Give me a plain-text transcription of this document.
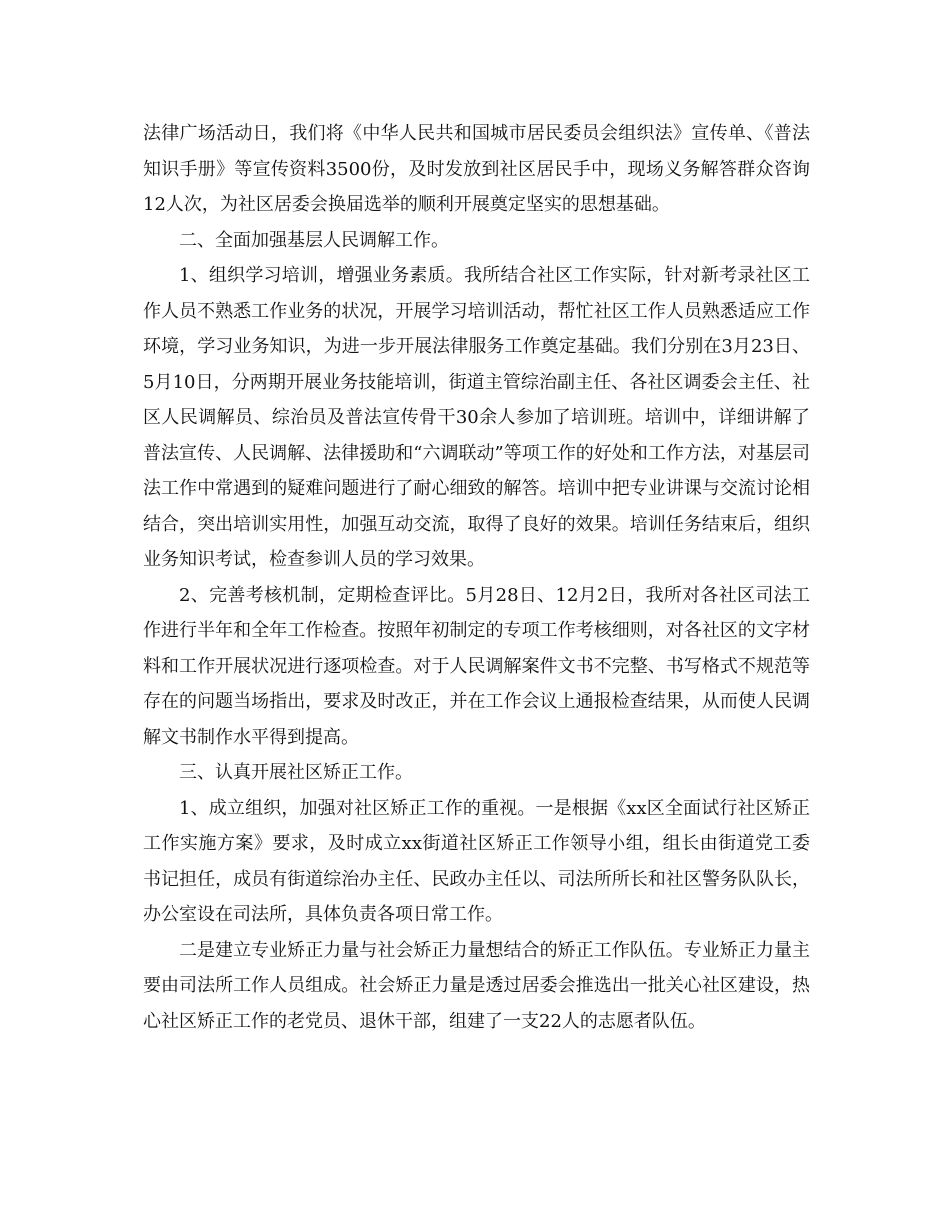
法律广场活动日，我们将《中华人民共和国城市居民委员会组织法》宣传单、《普法知识手册》等宣传资料3500份，及时发放到社区居民手中，现场义务解答群众咨询12人次，为社区居委会换届选举的顺利开展奠定坚实的思想基础。

二、全面加强基层人民调解工作。

1、组织学习培训，增强业务素质。我所结合社区工作实际，针对新考录社区工作人员不熟悉工作业务的状况，开展学习培训活动，帮忙社区工作人员熟悉适应工作环境，学习业务知识，为进一步开展法律服务工作奠定基础。我们分别在3月23日、5月10日，分两期开展业务技能培训，街道主管综治副主任、各社区调委会主任、社区人民调解员、综治员及普法宣传骨干30余人参加了培训班。培训中，详细讲解了普法宣传、人民调解、法律援助和“六调联动”等项工作的好处和工作方法，对基层司法工作中常遇到的疑难问题进行了耐心细致的解答。培训中把专业讲课与交流讨论相结合，突出培训实用性，加强互动交流，取得了良好的效果。培训任务结束后，组织业务知识考试，检查参训人员的学习效果。

2、完善考核机制，定期检查评比。5月28日、12月2日，我所对各社区司法工作进行半年和全年工作检查。按照年初制定的专项工作考核细则，对各社区的文字材料和工作开展状况进行逐项检查。对于人民调解案件文书不完整、书写格式不规范等存在的问题当场指出，要求及时改正，并在工作会议上通报检查结果，从而使人民调解文书制作水平得到提高。

三、认真开展社区矫正工作。

1、成立组织，加强对社区矫正工作的重视。一是根据《xx区全面试行社区矫正工作实施方案》要求，及时成立xx街道社区矫正工作领导小组，组长由街道党工委书记担任，成员有街道综治办主任、民政办主任以、司法所所长和社区警务队队长，办公室设在司法所，具体负责各项日常工作。

二是建立专业矫正力量与社会矫正力量想结合的矫正工作队伍。专业矫正力量主要由司法所工作人员组成。社会矫正力量是透过居委会推选出一批关心社区建设，热心社区矫正工作的老党员、退休干部，组建了一支22人的志愿者队伍。
